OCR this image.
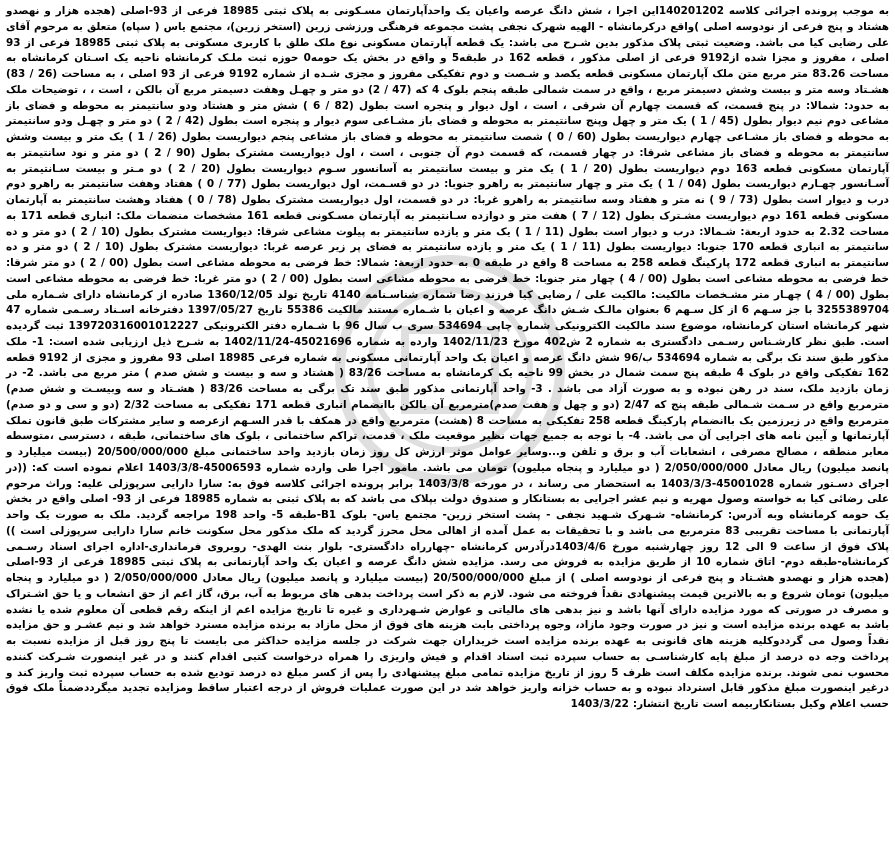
به موجب پرونده اجرائی کلاسه 140201202این اجرا ، شش دانگ عرصه واعیان یک واحدآپارتمان مسـکونی به پلاک ثبتی 18985 فرعی از 93-اصلی (هجده هزار و نهصدو هشتاد و پنج فرعی از نودوسه اصلی )واقع درکرمانشاه - الهیه شهرک نجفی پشت مجموعه فرهنگی ورزشی زرین (استخر زرین)، مجتمع یاس ( سپاه) متعلق به مرحوم آقای علی رضایی کیا می باشد. وضعیت ثبتی پلاک مذکور بدین شـرح می باشد: یک قطعه آپارتمان مسکونی نوع ملک طلق با کاربری مسکونی به پلاک ثبتی 18985 فرعی از 93 اصلی ، مفروز و مجزا شده از9192 فرعی از اصلی مذکور ، قطعه 162 در طبقه5 و واقع در بخش یک حومه0 حوزه ثبت ملـک کرمانشاه ناحیه یک اسـتان کرمانشاه به مساحت 83.26 متر مربع متن ملک آپارتمان مسکونی قطعه یکصد و شـصت و دوم تفکیکی مفروز و مجزی شـده از شماره 9192 فرعی از 93 اصلی ، به مساحت (26 / 83) هشـتاد وسه متر و بیست وشش دسیمتر مربع ، واقع در سمت شمالی طبقه پنجم بلوک 4 که (47 / 2) دو متر و چهـل وهفت دسیمتر مربع آن بالکن ، است ، ، توضیحات ملک به حدود: شمالا: در پنج قسمت، که قسمت چهارم آن شرقی ، است ، اول دیوار و پنجره است بطول (82 / 6 ) شش متر و هشتاد ودو سانتیمتر به محوطه و فضای باز مشاعی دوم نیم دیوار بطول (45 / 1 ) یک متر و چهل وپنج سانتیمتر به محوطه و فضای باز مشـاعی سوم دیوار و پنجره است بطول (42 / 2 ) دو متر و چهـل ودو سانتیمتر به محوطه و فضای باز مشـاعی چهارم دیواریست بطول (60 / 0 ) شصت سانتیمتر به محوطه و فضای باز مشاعی پنجم دیواریست بطول (26 / 1 ) یک متر و بیست وشش سانتیمتر به محوطه و فضای باز مشاعی شرقا: در چهار قسمت، که قسمت دوم آن جنوبی ، است ، اول دیواریست مشترک بطول (90 / 2 ) دو متر و نود سانتیمتر به آپارتمان مسکونی قطعه 163 دوم دیواریست بطول (20 / 1 ) یک متر و بیست سانتیمتر به آسانسور سـوم دیواریست بطول (20 / 2 ) دو مـتر و بیست سـانتیمتر به آسـانسور چهـارم دیواریست بطول (04 / 1 ) یک متر و چهار سانتیمتر به راهرو جنوبا: در دو قسـمت، اول دیواریست بطول (77 / 0 ) هفتاد وهفت سانتیمتر به راهرو دوم درب و دیوار است بطول (73 / 9 ) نه متر و هفتاد وسه سانتیمتر به راهرو غربا: در دو قسمت، اول دیواریست مشترک بطول (78 / 0 ) هفتاد وهشت سانتیمتر به آپارتمان مسکونی قطعه 161 دوم دیواریست مشـترک بطول (12 / 7 ) هفت متر و دوازده سـانتیمتر به آپارتمان مسـکونی قطعه 161 مشخصات منضمات ملک: انباری قطعه 171 به مساحت 2.32 به حدود اربعة: شـمالا: درب و دیوار است بطول (11 / 1 ) یک متر و یازده سانتیمتر به پیلوت مشاعی شرقا: دیواریست مشترک بطول (10 / 2 ) دو متر و ده سانتیمتر به انباری قطعه 170 جنوبا: دیواریست بطول (11 / 1 ) یک متر و یازده سانتیمتر به فضای پر زیر عرصه غربا: دیواریست مشترک بطول (10 / 2 ) دو متر و ده سانتیمتر به انباری قطعه 172 پارکینگ قطعه 258 به مساحت 8 واقع در طبقه 0 به حدود اربعة: شمالا: خط فرضی به محوطه مشاعی است بطول (00 / 2 ) دو متر شرقا: خط فرضی به محوطه مشاعی است بطول (00 / 4 ) چهار متر جنوبا: خط فرضی به محوطه مشاعی است بطول (00 / 2 ) دو متر غربا: خط فرضی به محوطه مشاعی است بطول (00 / 4 ) چهـار متر مشـخصات مالکیت: مالکیت علی / رضایی کیا فرزند رضا شماره شناسـنامه 4140 تاریخ تولد 1360/12/05 صادره از کرمانشاه دارای شـماره ملی 3255389704 با جز سـهم 6 از کل سـهم 6 بعنوان مالـک شـش دانگ عرصه و اعیان با شـماره مستند مالکیت 55386 تاریخ 1397/05/27 دفترخانه اسـناد رسـمی شماره 47 شهر کرمانشاه استان کرمانشاه، موضوع سند مالکیت الکترونیکی شماره چاپی 534694 سری ب سال 96 با شـماره دفتر الکترونیکی 139720316001012227 ثبت گردیده است. طبق نظر کارشـناس رسـمی دادگستری به شماره 2 ش402 مورخ 1402/11/23 وارده به شماره 45021696-1402/11/24 به شـرح ذیل ارزیابی شده است: 1- ملک مذکور طبق سند تک برگی به شماره 534694 ب/96 شش دانگ عرصه و اعیان یک واحد آپارتمانی مسکونی به شماره فرعی 18985 اصلی 93 مفروز و مجزی از 9192 قطعه 162 تفکیکی واقع در بلوک 4 طبقه پنج سمت شمال در بخش 99 ناحیه یک کرمانشاه به مساحت 83/26 ( هشتاد و سه و بیست و شش صدم ) متر مربع می باشد. 2- در زمان بازدید ملک، سند در رهن نبوده و به صورت آزاد می باشد . 3- واحد آپارتمانی مذکور طبق سند تک برگی به مساحت 83/26 ( هشـتاد و سه وبیسـت و شش صدم) مترمربع واقع در سـمت شـمالی طبقه پنج که 2/47 (دو و چهل و هفت صدم)مترمربع آن بالکن باانضمام انباری قطعه 171 تفکیکی به مساحت 2/32 (دو و سی و دو صدم) مترمربع واقع در زیرزمین یک باانضمام پارکینگ قطعه 258 تفکیکی به مساحت 8 (هشت) مترمربع واقع در همکف با قدر السـهم ازعرصه و سایر مشترکات طبق قانون تملک آپارتمانها و آیین نامه های اجرایی آن می باشد. 4- با توجه به جمیع جهات نظیر موقعیت ملک ، قدمت، تراکم ساختمانی ، بلوک های ساختمانی، طبقه ، دسترسی ،متوسطه معابر منطقه ، مصالح مصرفی ، انشعابات آب و برق و تلفن و...وسایر عوامل موثر ارزش کل روز زمان بازدید واحد ساختمانی مبلغ 20/500/000/000 (بیست میلیارد و پانصد میلیون) ریال معادل 2/050/000/000 ( دو میلیارد و پنجاه میلیون) تومان می باشد. مامور اجرا طی وارده شماره 45006593-1403/3/8 اعلام نموده است که: ((در اجرای دسـتور شماره 45001028-1403/3/3 به استحضار می رساند ، در مورخه 1403/3/8 برابر پرونده اجرائی کلاسه فوق به: سارا دارایی سرپوزلی علیه: وراث مرحوم علی رضائی کیا به خواسته وصول مهریه و نیم عشر اجرایی به بستانکار و صندوق دولت بپلاک می باشد که به پلاک ثبتی به شماره 18985 فرعی از 93- اصلی واقع در بخش یک حومه کرمانشاه وبه آدرس: کرمانشاه- شـهرک شـهید نجفی - پشت استخر زرین- مجتمع یاس- بلوک B1-طبقه 5- واحد 198 مراجعه گردید. ملک به صورت یک واحد آپارتمانی با مساحت تقریبی 83 مترمربع می باشد و با تحقیقات به عمل آمده از اهالی محل محرز گردید که ملک مذکور محل سکونت خانم سارا دارایی سرپوزلی است )) پلاک فوق از ساعت 9 الی 12 روز چهارشنبه مورخ 1403/4/6درآدرس کرمانشاه -چهارراه دادگستری- بلوار بنت الهدی- روبروی فرمانداری-اداره اجرای اسناد رسـمی کرمانشاه-طبقه دوم- اتاق شماره 10 از طریق مزایده به فروش می رسد. مزایده شش دانگ عرصه و اعیان یک واحد آپارتمانی به پلاک ثبتی 18985 فرعی از 93-اصلی (هجده هزار و نهصدو هشـتاد و پنج فرعی از نودوسه اصلی ) از مبلغ 20/500/000/000 (بیست میلیارد و پانصد میلیون) ریال معادل 2/050/000/000 ( دو میلیارد و پنجاه میلیون) تومان شروع و به بالاترین قیمت پیشنهادی نقداً فروخته می شود. لازم به ذکر است پرداخت بدهی های مربوط به آب، برق، گاز اعم از حق انشعاب و یا حق اشـتراک و مصرف در صورتی که مورد مزایده دارای آنها باشد و نیز بدهی های مالیاتی و عوارض شـهرداری و غیره تا تاریخ مزایده اعم از اینکه رقم قطعی آن معلوم شده یا نشده باشد به عهده برنده مزایده است و نیز در صورت وجود مازاد، وجوه پرداختی بابت هزینه های فوق از محل مازاد به برنده مزایده مسترد خواهد شد و نیم عشـر و حق مزایده نقداً وصول می گرددوکلیه هزینه های قانونی به عهده برنده مزایده است خریداران جهت شرکت در جلسه مزایده حداکثر می بایست تا پنج روز قبل از مزایده نسبت به پرداخت وجه ده درصد از مبلغ پایه کارشناسـی به حساب سپرده ثبت اسناد اقدام و فیش واریزی را همراه درخواست کتبی اقدام کنند و در غیر اینصورت شـرکت کننده محسوب نمی شوند. برنده مزایده مکلف است ظرف 5 روز از تاریخ مزایده تمامی مبلغ پیشنهادی را پس از کسر مبلغ ده درصد تودیع شده به حساب سپرده ثبت واریز کند و درغیر اینصورت مبلغ مذکور قابل استرداد نبوده و به حساب خزانه واریز خواهد شد در این صورت عملیات فروش از درجه اعتبار ساقط ومزایده تجدید میگرددضمناً ملک فوق حسب اعلام وکیل بستانکاربیمه است تاریخ انتشار: 1403/3/22
